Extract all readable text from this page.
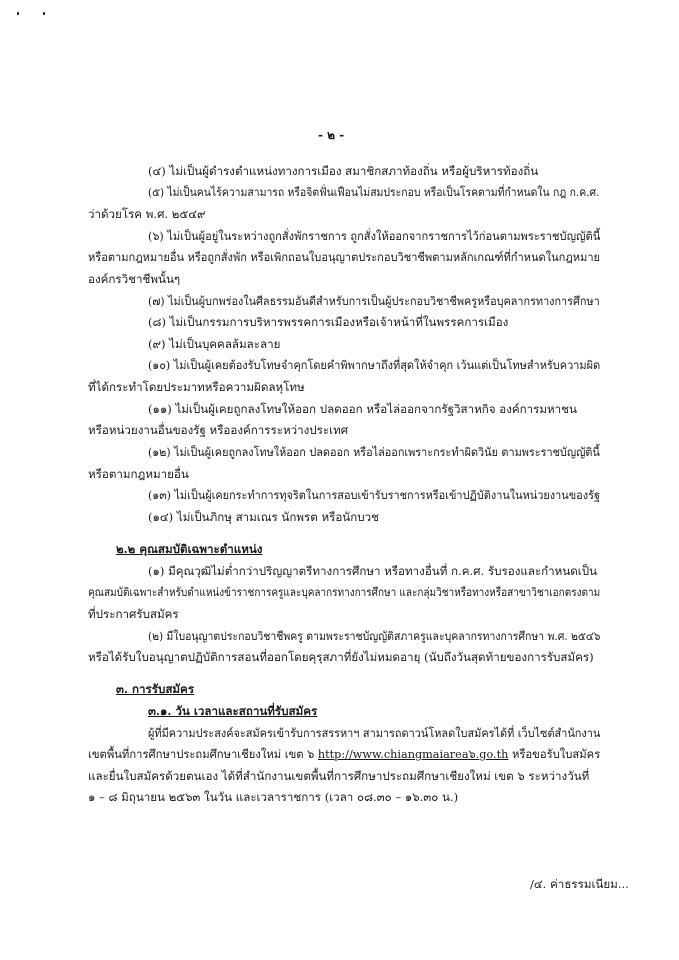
- ๒ -
(๔) ไม่เป็นผู้ดำรงตำแหน่งทางการเมือง สมาชิกสภาท้องถิ่น หรือผู้บริหารท้องถิ่น
(๕) ไม่เป็นคนไร้ความสามารถ หรือจิตฟั่นเฟือนไม่สมประกอบ หรือเป็นโรคตามที่กำหนดใน กฎ ก.ค.ศ.
ว่าด้วยโรค พ.ศ. ๒๕๔๙
(๖) ไม่เป็นผู้อยู่ในระหว่างถูกสั่งพักราชการ ถูกสั่งให้ออกจากราชการไว้ก่อนตามพระราชบัญญัตินี้
หรือตามกฎหมายอื่น หรือถูกสั่งพัก หรือเพิกถอนใบอนุญาตประกอบวิชาชีพตามหลักเกณฑ์ที่กำหนดในกฎหมาย
องค์กรวิชาชีพนั้นๆ
(๗) ไม่เป็นผู้บกพร่องในศีลธรรมอันดีสำหรับการเป็นผู้ประกอบวิชาชีพครูหรือบุคลากรทางการศึกษา
(๘) ไม่เป็นกรรมการบริหารพรรคการเมืองหรือเจ้าหน้าที่ในพรรคการเมือง
(๙) ไม่เป็นบุคคลล้มละลาย
(๑๐) ไม่เป็นผู้เคยต้องรับโทษจำคุกโดยคำพิพากษาถึงที่สุดให้จำคุก เว้นแต่เป็นโทษสำหรับความผิด
ที่ได้กระทำโดยประมาทหรือความผิดลหุโทษ
(๑๑) ไม่เป็นผู้เคยถูกลงโทษให้ออก ปลดออก หรือไล่ออกจากรัฐวิสาหกิจ องค์การมหาชน
หรือหน่วยงานอื่นของรัฐ หรือองค์การระหว่างประเทศ
(๑๒) ไม่เป็นผู้เคยถูกลงโทษให้ออก ปลดออก หรือไล่ออกเพราะกระทำผิดวินัย ตามพระราชบัญญัตินี้
หรือตามกฎหมายอื่น
(๑๓) ไม่เป็นผู้เคยกระทำการทุจริตในการสอบเข้ารับราชการหรือเข้าปฏิบัติงานในหน่วยงานของรัฐ
(๑๔) ไม่เป็นภิกษุ สามเณร นักพรต หรือนักบวช
๒.๒ คุณสมบัติเฉพาะตำแหน่ง
(๑) มีคุณวุฒิไม่ต่ำกว่าปริญญาตรีทางการศึกษา หรือทางอื่นที่ ก.ค.ศ. รับรองและกำหนดเป็น
คุณสมบัติเฉพาะสำหรับตำแหน่งข้าราชการครูและบุคลากรทางการศึกษา และกลุ่มวิชาหรือทางหรือสาขาวิชาเอกตรงตาม
ที่ประกาศรับสมัคร
(๒) มีใบอนุญาตประกอบวิชาชีพครู ตามพระราชบัญญัติสภาครูและบุคลากรทางการศึกษา พ.ศ. ๒๕๔๖
หรือได้รับใบอนุญาตปฏิบัติการสอนที่ออกโดยคุรุสภาที่ยังไม่หมดอายุ (นับถึงวันสุดท้ายของการรับสมัคร)
๓. การรับสมัคร
๓.๑. วัน เวลาและสถานที่รับสมัคร
ผู้ที่มีความประสงค์จะสมัครเข้ารับการสรรหาฯ สามารถดาวน์โหลดใบสมัครได้ที่ เว็บไซต์สำนักงาน
เขตพื้นที่การศึกษาประถมศึกษาเชียงใหม่ เขต ๖ http://www.chiangmaiarea๖.go.th หรือขอรับใบสมัคร
และยื่นใบสมัครด้วยตนเอง ได้ที่สำนักงานเขตพื้นที่การศึกษาประถมศึกษาเชียงใหม่ เขต ๖ ระหว่างวันที่
๑ – ๘ มิถุนายน ๒๕๖๓ ในวัน และเวลาราชการ (เวลา ๐๘.๓๐ – ๑๖.๓๐ น.)
/๔. ค่าธรรมเนียม...
